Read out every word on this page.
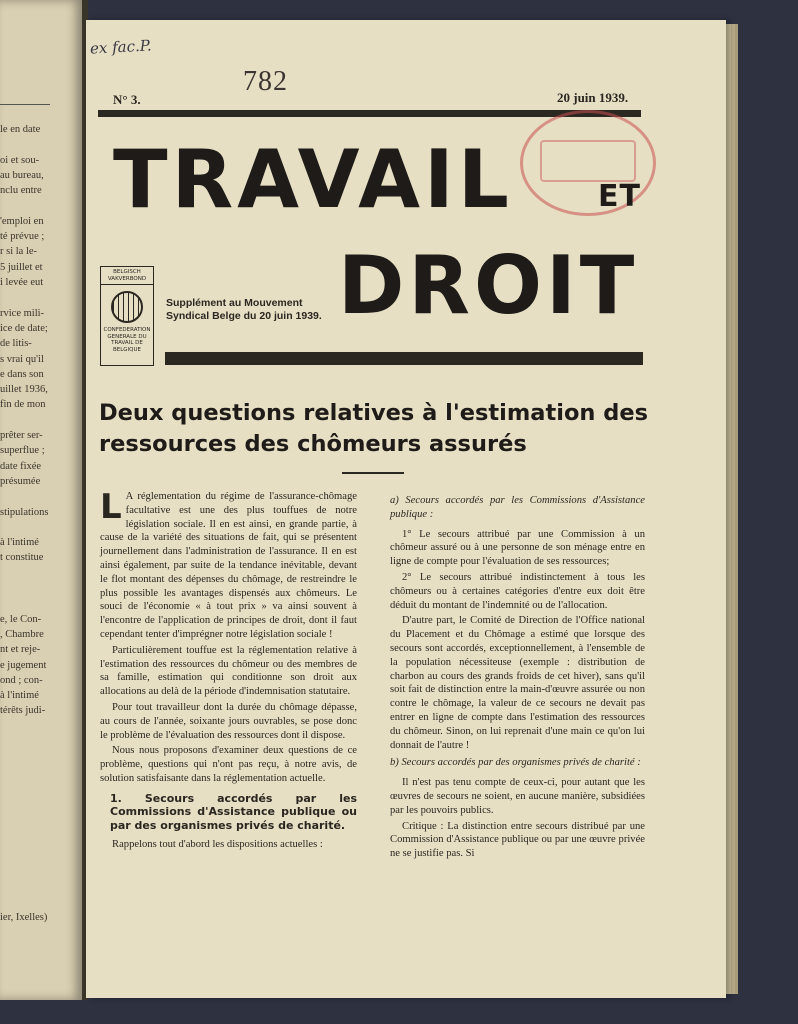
le en date
oi et sou-
au bureau,
nclu entre
'emploi en
té prévue ;
r si la le-
5 juillet et
i levée eut
rvice mili-
ice de date;
de litis-
s vrai qu'il
e dans son
uillet 1936,
fin de mon
prêter ser-
superflue ;
date fixée
présumée
stipulations
à l'intimé
t constitue
e, le Con-
, Chambre
nt et reje-
e jugement
ond ; con-
à l'intimé
térêts judi-
ier, Ixelles)
ex fac.P.
782
N° 3.	20 juin 1939.
TRAVAIL	ET
DROIT
BELGISCH VAKVERBOND
CONFEDERATION GENERALE DU TRAVAIL DE BELGIQUE
Supplément au Mouvement Syndical Belge du 20 juin 1939.
Deux questions relatives à l'estimation des ressources des chômeurs assurés

L A réglementation du régime de l'assurance-chômage facultative est une des plus touffues de notre législation sociale. Il en est ainsi, en grande partie, à cause de la variété des situations de fait, qui se présentent journellement dans l'administration de l'assurance. Il en est ainsi également, par suite de la tendance inévitable, devant le flot montant des dépenses du chômage, de restreindre le plus possible les avantages dispensés aux chômeurs. Le souci de l'économie « à tout prix » va ainsi souvent à l'encontre de l'application de principes de droit, dont il faut cependant tenter d'imprégner notre législation sociale !

Particulièrement touffue est la réglementation relative à l'estimation des ressources du chômeur ou des membres de sa famille, estimation qui conditionne son droit aux allocations au delà de la période d'indemnisation statutaire.

Pour tout travailleur dont la durée du chômage dépasse, au cours de l'année, soixante jours ouvrables, se pose donc le problème de l'évaluation des ressources dont il dispose.

Nous nous proposons d'examiner deux questions de ce problème, questions qui n'ont pas reçu, à notre avis, de solution satisfaisante dans la réglementation actuelle.

1. Secours accordés par les Commissions d'Assistance publique ou par des organismes privés de charité.

Rappelons tout d'abord les dispositions actuelles :

a) Secours accordés par les Commissions d'Assistance publique :

1° Le secours attribué par une Commission à un chômeur assuré ou à une personne de son ménage entre en ligne de compte pour l'évaluation de ses ressources;

2° Le secours attribué indistinctement à tous les chômeurs ou à certaines catégories d'entre eux doit être déduit du montant de l'indemnité ou de l'allocation.

D'autre part, le Comité de Direction de l'Office national du Placement et du Chômage a estimé que lorsque des secours sont accordés, exceptionnellement, à l'ensemble de la population nécessiteuse (exemple : distribution de charbon au cours des grands froids de cet hiver), sans qu'il soit fait de distinction entre la main-d'œuvre assurée ou non contre le chômage, la valeur de ce secours ne devait pas entrer en ligne de compte dans l'estimation des ressources du chômeur. Sinon, on lui reprenait d'une main ce qu'on lui donnait de l'autre !

b) Secours accordés par des organismes privés de charité :

Il n'est pas tenu compte de ceux-ci, pour autant que les œuvres de secours ne soient, en aucune manière, subsidiées par les pouvoirs publics.

Critique : La distinction entre secours distribué par une Commission d'Assistance publique ou par une œuvre privée ne se justifie pas. Si
